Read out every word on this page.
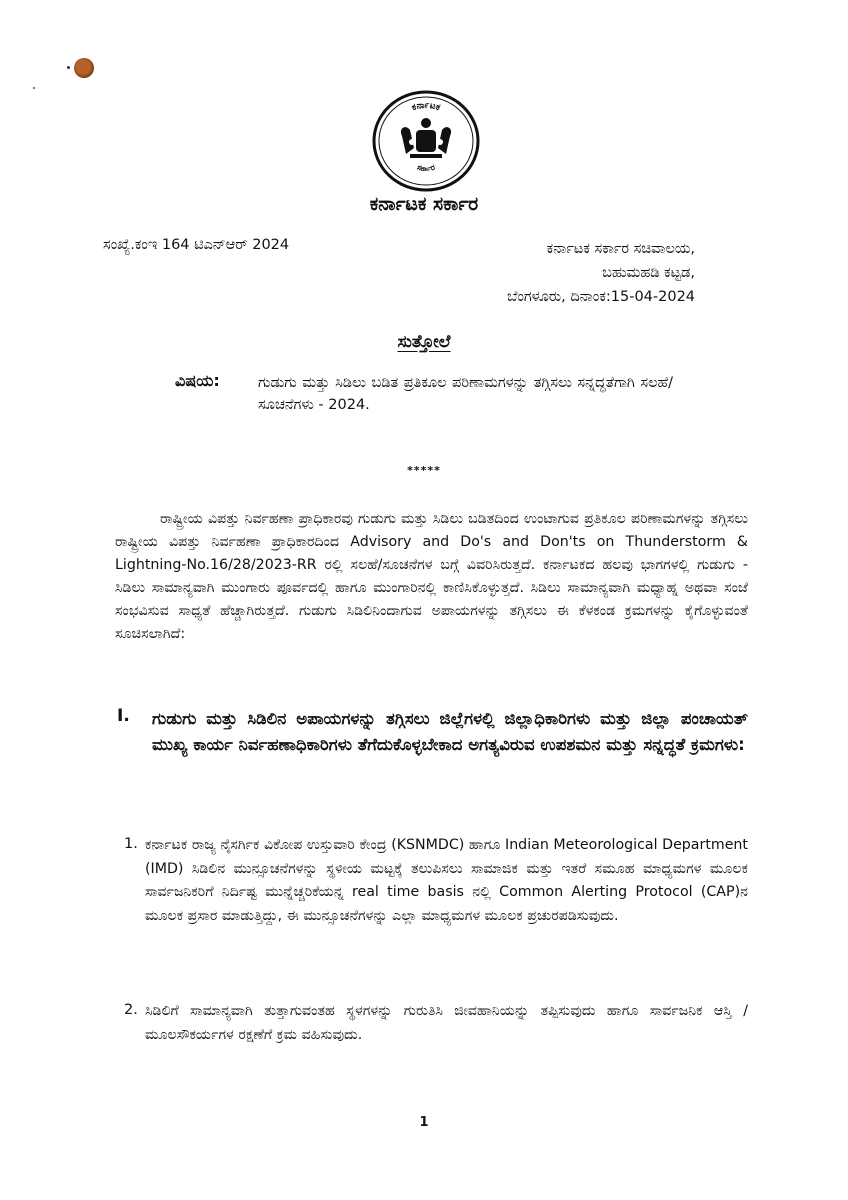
ಕರ್ನಾಟಕ
ಸರ್ಕಾರ
ಕರ್ನಾಟಕ ಸರ್ಕಾರ
ಸಂಖ್ಯೆ.ಕಂಇ 164 ಟಿಎನ್ಆರ್ 2024	ಕರ್ನಾಟಕ ಸರ್ಕಾರ ಸಚಿವಾಲಯ,
ಬಹುಮಹಡಿ ಕಟ್ಟಡ,
ಬೆಂಗಳೂರು, ದಿನಾಂಕ:15-04-2024
ಸುತ್ತೋಲೆ
ವಿಷಯ:	ಗುಡುಗು ಮತ್ತು ಸಿಡಿಲು ಬಡಿತ ಪ್ರತಿಕೂಲ ಪರಿಣಾಮಗಳನ್ನು ತಗ್ಗಿಸಲು ಸನ್ನದ್ಧತೆಗಾಗಿ ಸಲಹೆ/ಸೂಚನೆಗಳು - 2024.
*****
ರಾಷ್ಟ್ರೀಯ ವಿಪತ್ತು ನಿರ್ವಹಣಾ ಪ್ರಾಧಿಕಾರವು ಗುಡುಗು ಮತ್ತು ಸಿಡಿಲು ಬಡಿತದಿಂದ ಉಂಟಾಗುವ ಪ್ರತಿಕೂಲ ಪರಿಣಾಮಗಳನ್ನು ತಗ್ಗಿಸಲು ರಾಷ್ಟ್ರೀಯ ವಿಪತ್ತು ನಿರ್ವಹಣಾ ಪ್ರಾಧಿಕಾರದಿಂದ Advisory and Do's and Don'ts on Thunderstorm & Lightning-No.16/28/2023-RR ರಲ್ಲಿ ಸಲಹೆ/ಸೂಚನೆಗಳ ಬಗ್ಗೆ ವಿವರಿಸಿರುತ್ತದೆ. ಕರ್ನಾಟಕದ ಹಲವು ಭಾಗಗಳಲ್ಲಿ ಗುಡುಗು - ಸಿಡಿಲು ಸಾಮಾನ್ಯವಾಗಿ ಮುಂಗಾರು ಪೂರ್ವದಲ್ಲಿ ಹಾಗೂ ಮುಂಗಾರಿನಲ್ಲಿ ಕಾಣಿಸಿಕೊಳ್ಳುತ್ತದೆ. ಸಿಡಿಲು ಸಾಮಾನ್ಯವಾಗಿ ಮಧ್ಯಾಹ್ನ ಅಥವಾ ಸಂಜೆ ಸಂಭವಿಸುವ ಸಾಧ್ಯತೆ ಹೆಚ್ಚಾಗಿರುತ್ತದೆ. ಗುಡುಗು ಸಿಡಿಲಿನಿಂದಾಗುವ ಅಪಾಯಗಳನ್ನು ತಗ್ಗಿಸಲು ಈ ಕೆಳಕಂಡ ಕ್ರಮಗಳನ್ನು ಕೈಗೊಳ್ಳುವಂತೆ ಸೂಚಿಸಲಾಗಿದೆ:
I. ಗುಡುಗು ಮತ್ತು ಸಿಡಿಲಿನ ಅಪಾಯಗಳನ್ನು ತಗ್ಗಿಸಲು ಜಿಲ್ಲೆಗಳಲ್ಲಿ ಜಿಲ್ಲಾಧಿಕಾರಿಗಳು ಮತ್ತು ಜಿಲ್ಲಾ ಪಂಚಾಯತ್ ಮುಖ್ಯ ಕಾರ್ಯ ನಿರ್ವಹಣಾಧಿಕಾರಿಗಳು ತೆಗೆದುಕೊಳ್ಳಬೇಕಾದ ಅಗತ್ಯವಿರುವ ಉಪಶಮನ ಮತ್ತು ಸನ್ನದ್ಧತೆ ಕ್ರಮಗಳು:
1. ಕರ್ನಾಟಕ ರಾಜ್ಯ ನೈಸರ್ಗಿಕ ವಿಕೋಪ ಉಸ್ತುವಾರಿ ಕೇಂದ್ರ (KSNMDC) ಹಾಗೂ Indian Meteorological Department (IMD) ಸಿಡಿಲಿನ ಮುನ್ಸೂಚನೆಗಳನ್ನು ಸ್ಥಳೀಯ ಮಟ್ಟಕ್ಕೆ ತಲುಪಿಸಲು ಸಾಮಾಜಿಕ ಮತ್ತು ಇತರೆ ಸಮೂಹ ಮಾಧ್ಯಮಗಳ ಮೂಲಕ ಸಾರ್ವಜನಿಕರಿಗೆ ನಿರ್ದಿಷ್ಟ ಮುನ್ನೆಚ್ಚರಿಕೆಯನ್ನ real time basis ನಲ್ಲಿ Common Alerting Protocol (CAP)ನ ಮೂಲಕ ಪ್ರಸಾರ ಮಾಡುತ್ತಿದ್ದು, ಈ ಮುನ್ಸೂಚನೆಗಳನ್ನು ಎಲ್ಲಾ ಮಾಧ್ಯಮಗಳ ಮೂಲಕ ಪ್ರಚುರಪಡಿಸುವುದು.
2. ಸಿಡಿಲಿಗೆ ಸಾಮಾನ್ಯವಾಗಿ ತುತ್ತಾಗುವಂತಹ ಸ್ಥಳಗಳನ್ನು ಗುರುತಿಸಿ ಜೀವಹಾನಿಯನ್ನು ತಪ್ಪಿಸುವುದು ಹಾಗೂ ಸಾರ್ವಜನಿಕ ಆಸ್ತಿ / ಮೂಲಸೌಕರ್ಯಗಳ ರಕ್ಷಣೆಗೆ ಕ್ರಮ ವಹಿಸುವುದು.
1
